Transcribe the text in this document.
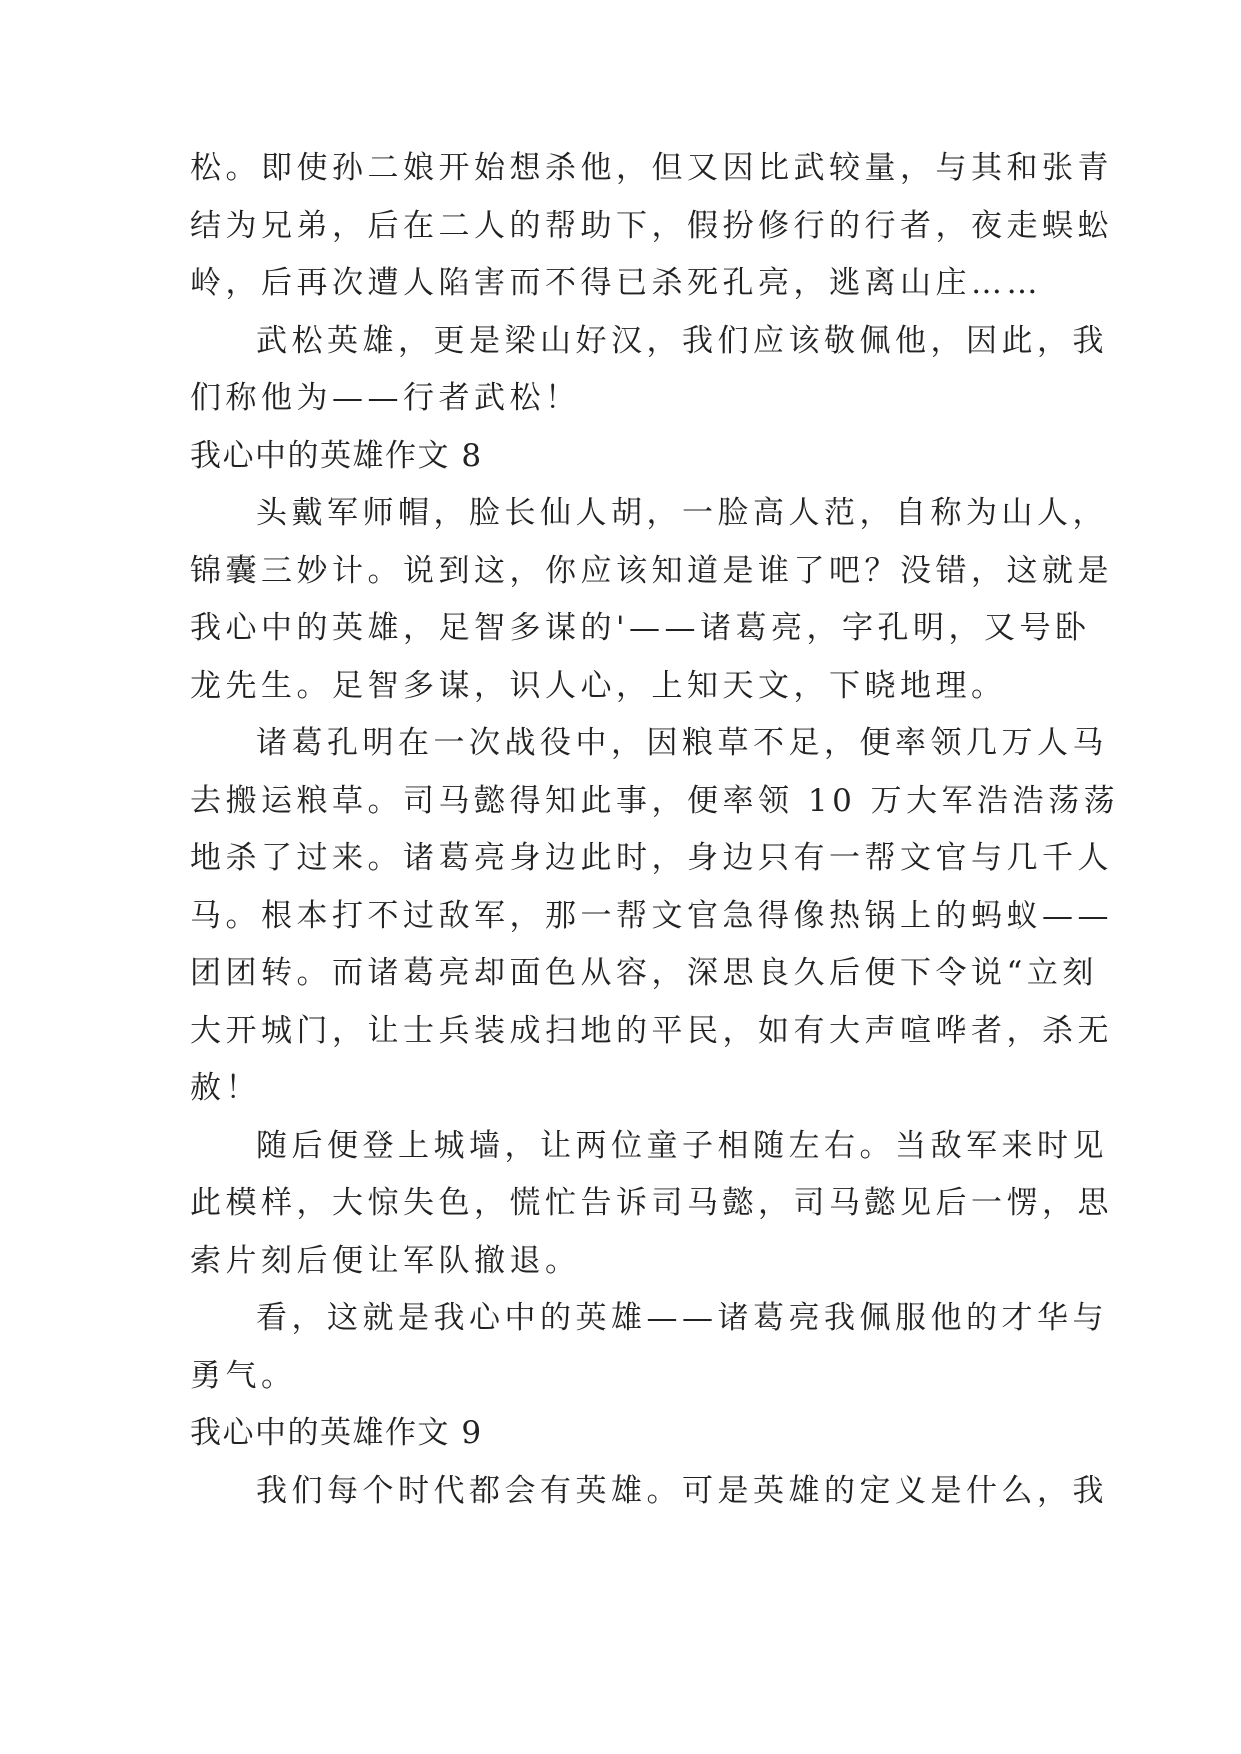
松。即使孙二娘开始想杀他，但又因比武较量，与其和张青
结为兄弟，后在二人的帮助下，假扮修行的行者，夜走蜈蚣
岭，后再次遭人陷害而不得已杀死孔亮，逃离山庄……
武松英雄，更是梁山好汉，我们应该敬佩他，因此，我
们称他为——行者武松！
我心中的英雄作文 8
头戴军师帽，脸长仙人胡，一脸高人范，自称为山人，
锦囊三妙计。说到这，你应该知道是谁了吧？没错，这就是
我心中的英雄，足智多谋的'——诸葛亮，字孔明，又号卧
龙先生。足智多谋，识人心，上知天文，下晓地理。
诸葛孔明在一次战役中，因粮草不足，便率领几万人马
去搬运粮草。司马懿得知此事，便率领 10 万大军浩浩荡荡
地杀了过来。诸葛亮身边此时，身边只有一帮文官与几千人
马。根本打不过敌军，那一帮文官急得像热锅上的蚂蚁——
团团转。而诸葛亮却面色从容，深思良久后便下令说“立刻
大开城门，让士兵装成扫地的平民，如有大声喧哗者，杀无
赦！
随后便登上城墙，让两位童子相随左右。当敌军来时见
此模样，大惊失色，慌忙告诉司马懿，司马懿见后一愣，思
索片刻后便让军队撤退。
看，这就是我心中的英雄——诸葛亮我佩服他的才华与
勇气。
我心中的英雄作文 9
我们每个时代都会有英雄。可是英雄的定义是什么，我
